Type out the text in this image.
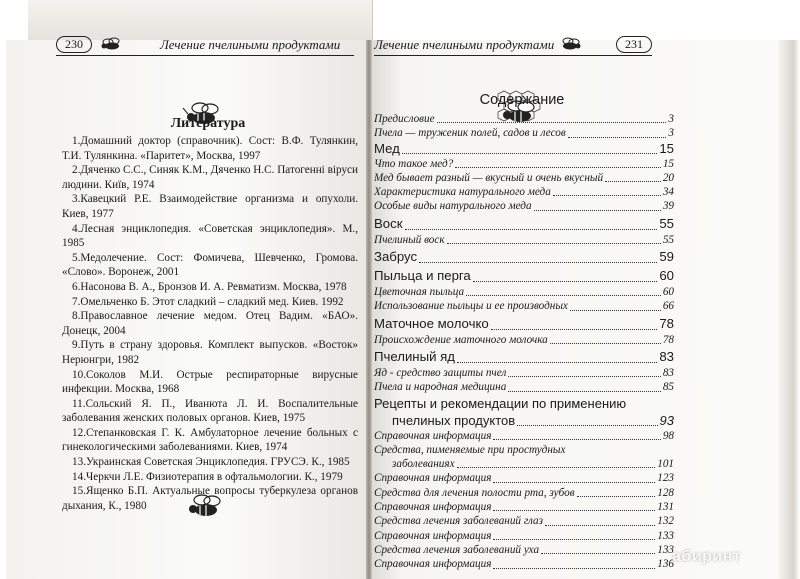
230	Лечение пчелиными продуктами	Лечение пчелиными продуктами	231
Литература
1.Домашний доктор (справочник). Сост: В.Ф. Тулянкин, Т.И. Тулянкина. «Паритет», Москва, 1997
2.Дяченко С.С., Синяк К.М., Дяченко Н.С. Патогенні віруси людини. Київ, 1974
3.Кавецкий Р.Е. Взаимодействие организма и опухоли. Киев, 1977
4.Лесная энциклопедия. «Советская энциклопедия». М., 1985
5.Медолечение. Сост: Фомичева, Шевченко, Громова. «Слово». Воронеж, 2001
6.Насонова В. А., Бронзов И. А. Ревматизм. Москва, 1978
7.Омельченко Б. Этот сладкий – сладкий мед. Киев. 1992
8.Православное лечение медом. Отец Вадим. «БАО». Донецк, 2004
9.Путь в страну здоровья. Комплект выпусков. «Восток» Нерюнгри, 1982
10.Соколов М.И. Острые респираторные вирусные инфекции. Москва, 1968
11.Сольский Я. П., Иванюта Л. И. Воспалительные заболевания женских половых органов. Киев, 1975
12.Степанковская Г. К. Амбулаторное лечение больных с гинекологическими заболеваниями. Киев, 1974
13.Украинская Советская Энциклопедия. ГРУСЭ. К., 1985
14.Черкчи Л.Е. Физиотерапия в офтальмологии. К., 1979
15.Ященко Б.П. Актуальные вопросы туберкулеза органов дыхания, К., 1980
Содержание
Предисловие	3
Пчела — труженик полей, садов и лесов	3
Мед	15
Что такое мед?	15
Мед бывает разный — вкусный и очень вкусный	20
Характеристика натурального меда	34
Особые виды натурального меда	39
Воск	55
Пчелиный воск	55
Забрус	59
Пыльца и перга	60
Цветочная пыльца	60
Использование пыльцы и ее производных	66
Маточное молочко	78
Происхождение маточного молочка	78
Пчелиный яд	83
Яд - средство защиты пчел	83
Пчела и народная медицина	85
Рецепты и рекомендации по применению
пчелиных продуктов	93
Справочная информация	98
Средства, пименяемые при простудных
заболеваниях	101
Справочная информация	123
Средства для лечения полости рта, зубов	128
Справочная информация	131
Средства лечения заболеваний глаз	132
Справочная информация	133
Средства лечения заболеваний уха	133
Справочная информация	136
абиринт
